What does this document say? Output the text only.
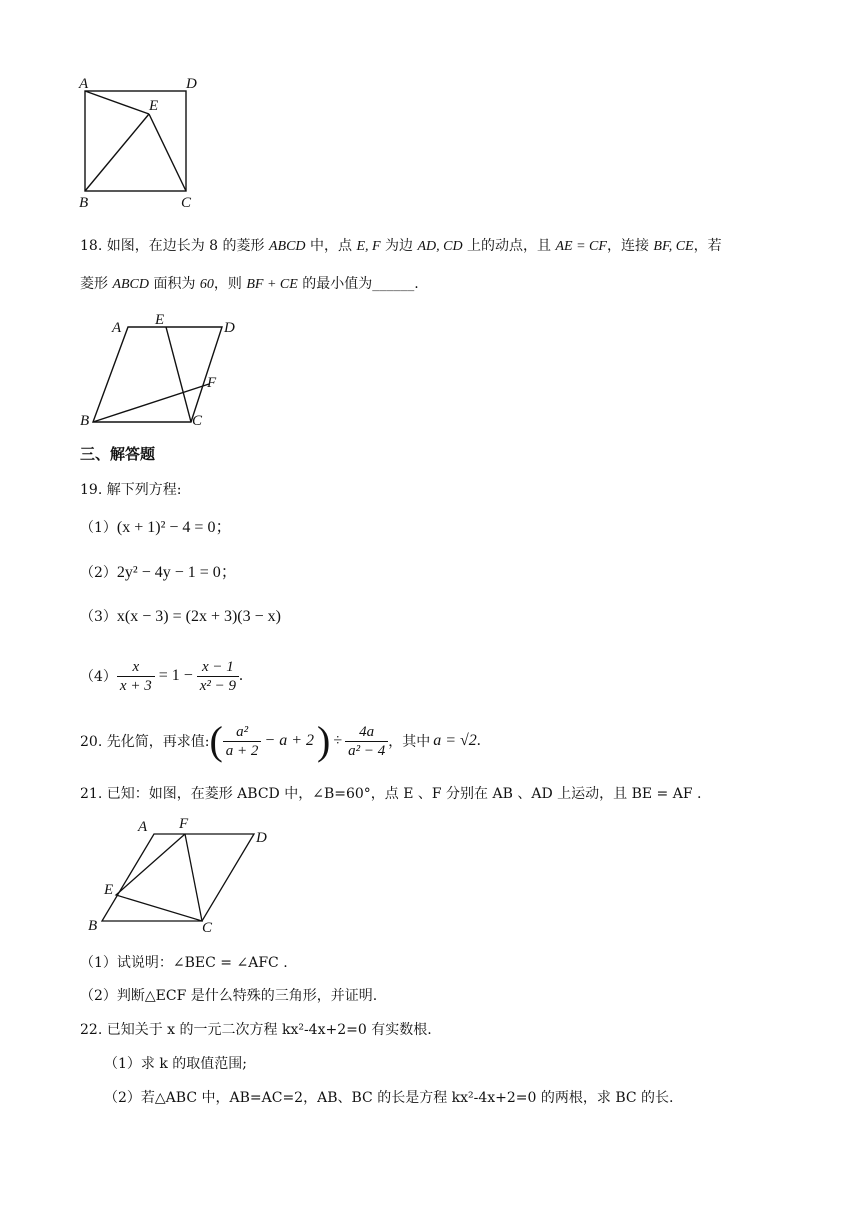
A	D
E
B	C
18. 如图，在边长为 8 的菱形 ABCD 中，点 E, F 为边 AD, CD 上的动点，且 AE = CF，连接 BF, CE，若
菱形 ABCD 面积为 60，则 BF + CE 的最小值为______.
A E	D
F
B	C
三、解答题
19. 解下列方程:
（1）(x + 1)² − 4 = 0；
（2）2y² − 4y − 1 = 0；
（3）x(x − 3) = (2x + 3)(3 − x)
$(4) \frac{x}{x + 3} = 1 - \frac{x - 1}{\text{x² − 9}}$ .
20. 先化简，再求值: ( $\frac{\text{a²}}{a + 2} - a + 2$ ) ÷ $\frac{4a}{\text{a² − 4}}$ ，其中 a = √2 .
21. 已知：如图，在菱形 ABCD 中，∠B=60°，点 E 、F 分别在 AB 、AD 上运动，且 BE = AF .
A F
D
E
B	C
（1）试说明：∠BEC = ∠AFC .
（2）判断△ECF 是什么特殊的三角形，并证明.
22. 已知关于 x 的一元二次方程 kx²-4x+2=0 有实数根.
（1）求 k 的取值范围;
（2）若△ABC 中，AB=AC=2，AB、BC 的长是方程 kx²-4x+2=0 的两根，求 BC 的长.
